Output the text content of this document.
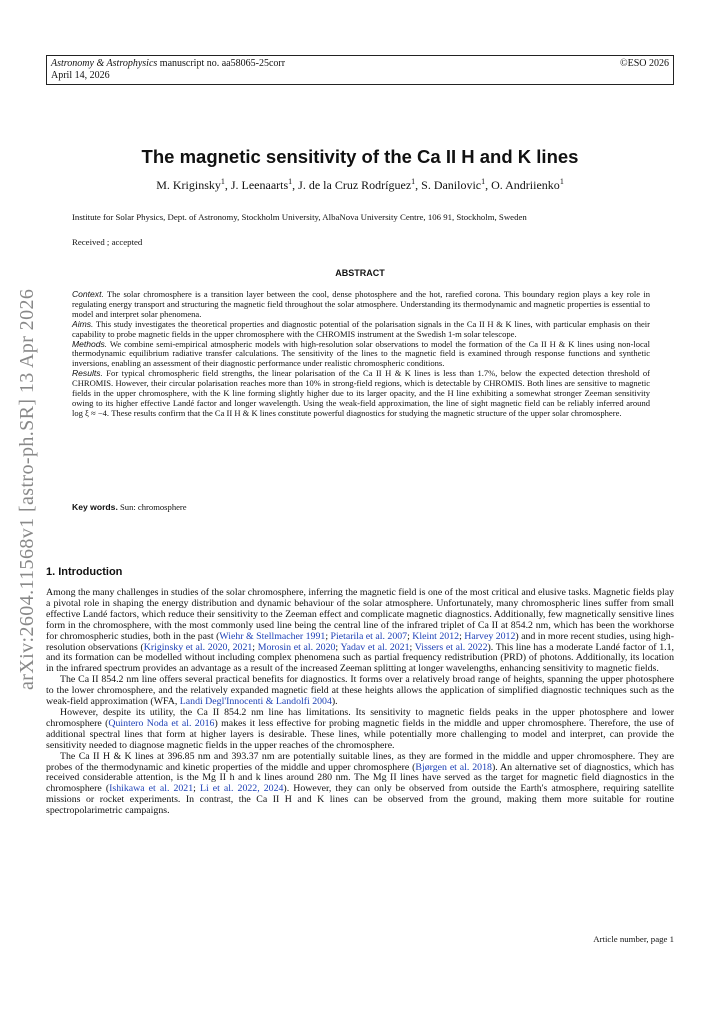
Astronomy & Astrophysics manuscript no. aa58065-25corr
April 14, 2026
©ESO 2026
The magnetic sensitivity of the Ca II H and K lines
M. Kriginsky$^1$, J. Leenaarts$^1$, J. de la Cruz Rodríguez$^1$, S. Danilovic$^1$, O. Andriienko$^1$
Institute for Solar Physics, Dept. of Astronomy, Stockholm University, AlbaNova University Centre, 106 91, Stockholm, Sweden
Received ; accepted
ABSTRACT
Context. The solar chromosphere is a transition layer between the cool, dense photosphere and the hot, rarefied corona. This boundary region plays a key role in regulating energy transport and structuring the magnetic field throughout the solar atmosphere. Understanding its thermodynamic and magnetic properties is essential to model and interpret solar phenomena.
Aims. This study investigates the theoretical properties and diagnostic potential of the polarisation signals in the Ca II H & K lines, with particular emphasis on their capability to probe magnetic fields in the upper chromosphere with the CHROMIS instrument at the Swedish 1-m solar telescope.
Methods. We combine semi-empirical atmospheric models with high-resolution solar observations to model the formation of the Ca II H & K lines using non-local thermodynamic equilibrium radiative transfer calculations. The sensitivity of the lines to the magnetic field is examined through response functions and synthetic inversions, enabling an assessment of their diagnostic performance under realistic chromospheric conditions.
Results. For typical chromospheric field strengths, the linear polarisation of the Ca II H & K lines is less than 1.7%, below the expected detection threshold of CHROMIS. However, their circular polarisation reaches more than 10% in strong-field regions, which is detectable by CHROMIS. Both lines are sensitive to magnetic fields in the upper chromosphere, with the K line forming slightly higher due to its larger opacity, and the H line exhibiting a somewhat stronger Zeeman sensitivity owing to its higher effective Landé factor and longer wavelength. Using the weak-field approximation, the line of sight magnetic field can be reliably inferred around log ξ ≈ −4. These results confirm that the Ca II H & K lines constitute powerful diagnostics for studying the magnetic structure of the upper solar chromosphere.
Key words. Sun: chromosphere
arXiv:2604.11568v1 [astro-ph.SR] 13 Apr 2026 1. Introduction

Among the many challenges in studies of the solar chromosphere, inferring the magnetic field is one of the most critical and elusive tasks. Magnetic fields play a pivotal role in shaping the energy distribution and dynamic behaviour of the solar atmosphere. Unfortunately, many chromospheric lines suffer from small effective Landé factors, which reduce their sensitivity to the Zeeman effect and complicate magnetic diagnostics. Additionally, few magnetically sensitive lines form in the chromosphere, with the most commonly used line being the central line of the infrared triplet of Ca II at 854.2 nm, which has been the workhorse for chromospheric studies, both in the past (Wiehr & Stellmacher 1991; Pietarila et al. 2007; Kleint 2012; Harvey 2012) and in more recent studies, using high-resolution observations (Kriginsky et al. 2020, 2021; Morosin et al. 2020; Yadav et al. 2021; Vissers et al. 2022). This line has a moderate Landé factor of 1.1, and its formation can be modelled without including complex phenomena such as partial frequency redistribution (PRD) of photons. Additionally, its location in the infrared spectrum provides an advantage as a result of the increased Zeeman splitting at longer wavelengths, enhancing sensitivity to magnetic fields.

The Ca II 854.2 nm line offers several practical benefits for diagnostics. It forms over a relatively broad range of heights, spanning the upper photosphere to the lower chromosphere, and the relatively expanded magnetic field at these heights allows the application of simplified diagnostic techniques such as the weak-field approximation (WFA, Landi Degl'Innocenti & Landolfi 2004).

However, despite its utility, the Ca II 854.2 nm line has limitations. Its sensitivity to magnetic fields peaks in the upper photosphere and lower chromosphere (Quintero Noda et al. 2016) makes it less effective for probing magnetic fields in the middle and upper chromosphere. Therefore, the use of additional spectral lines that form at higher layers is desirable. These lines, while potentially more challenging to model and interpret, can provide the sensitivity needed to diagnose magnetic fields in the upper reaches of the chromosphere.

The Ca II H & K lines at 396.85 nm and 393.37 nm are potentially suitable lines, as they are formed in the middle and upper chromosphere. They are probes of the thermodynamic and kinetic properties of the middle and upper chromosphere (Bjørgen et al. 2018). An alternative set of diagnostics, which has received considerable attention, is the Mg II h and k lines around 280 nm. The Mg II lines have served as the target for magnetic field diagnostics in the chromosphere (Ishikawa et al. 2021; Li et al. 2022, 2024). However, they can only be observed from outside the Earth's atmosphere, requiring satellite missions or rocket experiments. In contrast, the Ca II H and K lines can be observed from the ground, making them more suitable for routine spectropolarimetric campaigns.

Article number, page 1
